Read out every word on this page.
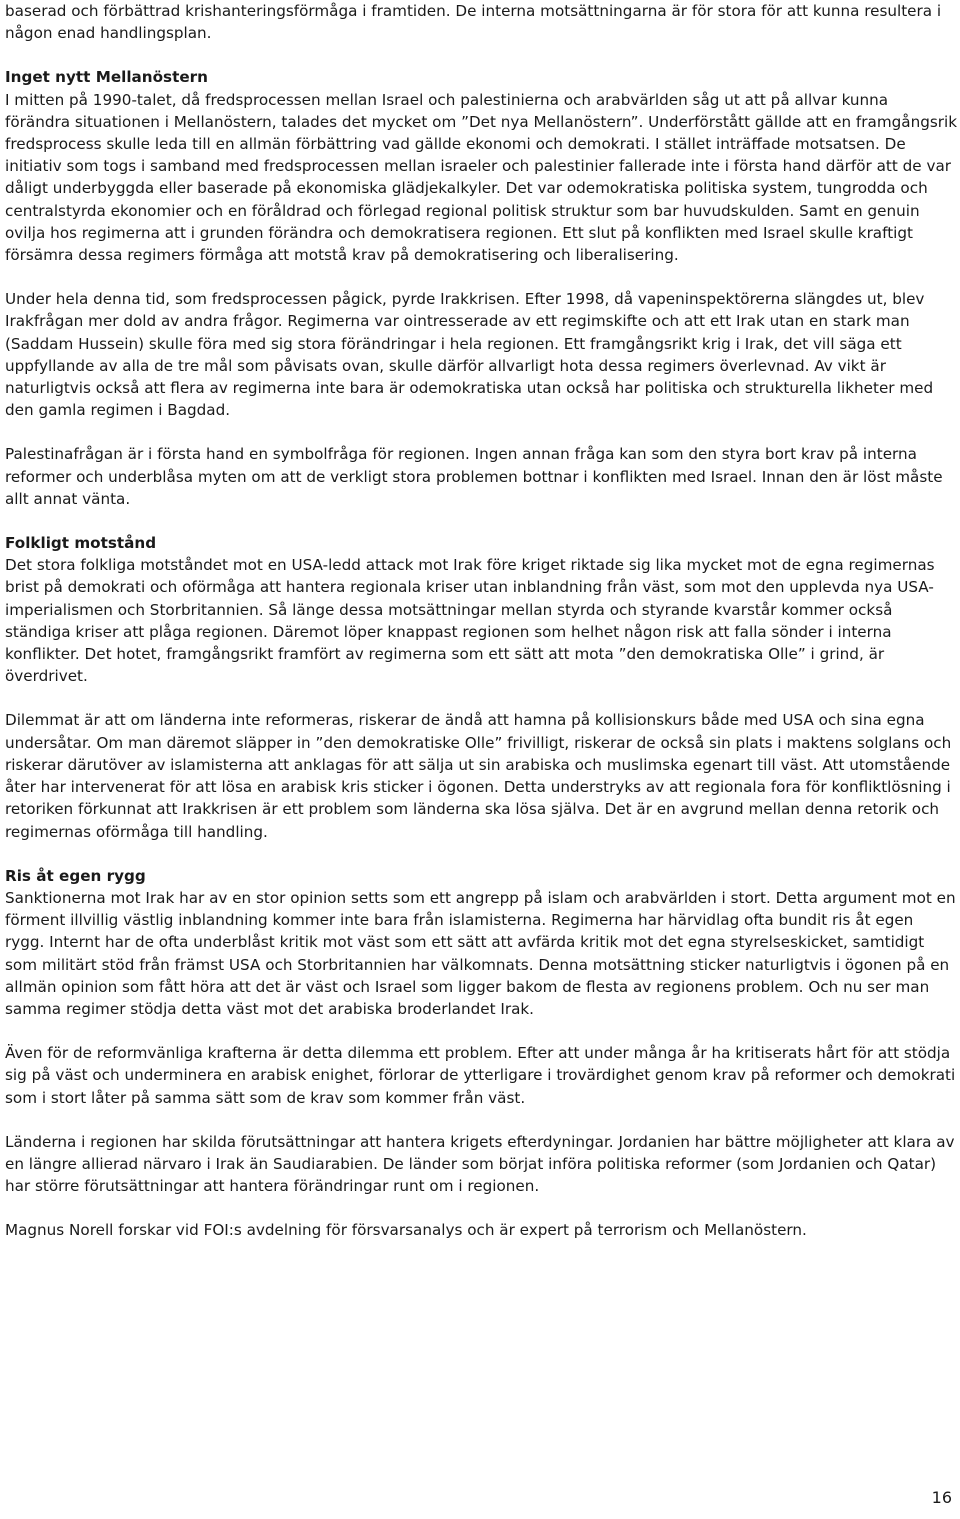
baserad och förbättrad krishanteringsförmåga i framtiden. De interna motsättningarna är för stora för att kunna resultera i någon enad handlingsplan.

Inget nytt Mellanöstern
I mitten på 1990-talet, då fredsprocessen mellan Israel och palestinierna och arabvärlden såg ut att på allvar kunna förändra situationen i Mellanöstern, talades det mycket om ”Det nya Mellanöstern”. Underförstått gällde att en framgångsrik fredsprocess skulle leda till en allmän förbättring vad gällde ekonomi och demokrati. I stället inträffade motsatsen. De initiativ som togs i samband med fredsprocessen mellan israeler och palestinier fallerade inte i första hand därför att de var dåligt underbyggda eller baserade på ekonomiska glädjekalkyler. Det var odemokratiska politiska system, tungrodda och centralstyrda ekonomier och en föråldrad och förlegad regional politisk struktur som bar huvudskulden. Samt en genuin ovilja hos regimerna att i grunden förändra och demokratisera regionen. Ett slut på konflikten med Israel skulle kraftigt försämra dessa regimers förmåga att motstå krav på demokratisering och liberalisering.

Under hela denna tid, som fredsprocessen pågick, pyrde Irakkrisen. Efter 1998, då vapeninspektörerna slängdes ut, blev Irakfrågan mer dold av andra frågor. Regimerna var ointresserade av ett regimskifte och att ett Irak utan en stark man (Saddam Hussein) skulle föra med sig stora förändringar i hela regionen. Ett framgångsrikt krig i Irak, det vill säga ett uppfyllande av alla de tre mål som påvisats ovan, skulle därför allvarligt hota dessa regimers överlevnad. Av vikt är naturligtvis också att flera av regimerna inte bara är odemokratiska utan också har politiska och strukturella likheter med den gamla regimen i Bagdad.

Palestinafrågan är i första hand en symbolfråga för regionen. Ingen annan fråga kan som den styra bort krav på interna reformer och underblåsa myten om att de verkligt stora problemen bottnar i konflikten med Israel. Innan den är löst måste allt annat vänta.

Folkligt motstånd
Det stora folkliga motståndet mot en USA-ledd attack mot Irak före kriget riktade sig lika mycket mot de egna regimernas brist på demokrati och oförmåga att hantera regionala kriser utan inblandning från väst, som mot den upplevda nya USA-imperialismen och Storbritannien. Så länge dessa motsättningar mellan styrda och styrande kvarstår kommer också ständiga kriser att plåga regionen. Däremot löper knappast regionen som helhet någon risk att falla sönder i interna konflikter. Det hotet, framgångsrikt framfört av regimerna som ett sätt att mota ”den demokratiska Olle” i grind, är överdrivet.

Dilemmat är att om länderna inte reformeras, riskerar de ändå att hamna på kollisionskurs både med USA och sina egna undersåtar. Om man däremot släpper in ”den demokratiske Olle” frivilligt, riskerar de också sin plats i maktens solglans och riskerar därutöver av islamisterna att anklagas för att sälja ut sin arabiska och muslimska egenart till väst. Att utomstående åter har intervenerat för att lösa en arabisk kris sticker i ögonen. Detta understryks av att regionala fora för konfliktlösning i retoriken förkunnat att Irakkrisen är ett problem som länderna ska lösa själva. Det är en avgrund mellan denna retorik och regimernas oförmåga till handling.

Ris åt egen rygg
Sanktionerna mot Irak har av en stor opinion setts som ett angrepp på islam och arabvärlden i stort. Detta argument mot en förment illvillig västlig inblandning kommer inte bara från islamisterna. Regimerna har härvidlag ofta bundit ris åt egen rygg. Internt har de ofta underblåst kritik mot väst som ett sätt att avfärda kritik mot det egna styrelseskicket, samtidigt som militärt stöd från främst USA och Storbritannien har välkomnats. Denna motsättning sticker naturligtvis i ögonen på en allmän opinion som fått höra att det är väst och Israel som ligger bakom de flesta av regionens problem. Och nu ser man samma regimer stödja detta väst mot det arabiska broderlandet Irak.

Även för de reformvänliga krafterna är detta dilemma ett problem. Efter att under många år ha kritiserats hårt för att stödja sig på väst och underminera en arabisk enighet, förlorar de ytterligare i trovärdighet genom krav på reformer och demokrati som i stort låter på samma sätt som de krav som kommer från väst.

Länderna i regionen har skilda förutsättningar att hantera krigets efterdyningar. Jordanien har bättre möjligheter att klara av en längre allierad närvaro i Irak än Saudiarabien. De länder som börjat införa politiska reformer (som Jordanien och Qatar) har större förutsättningar att hantera förändringar runt om i regionen.

Magnus Norell forskar vid FOI:s avdelning för försvarsanalys och är expert på terrorism och Mellanöstern.

16
